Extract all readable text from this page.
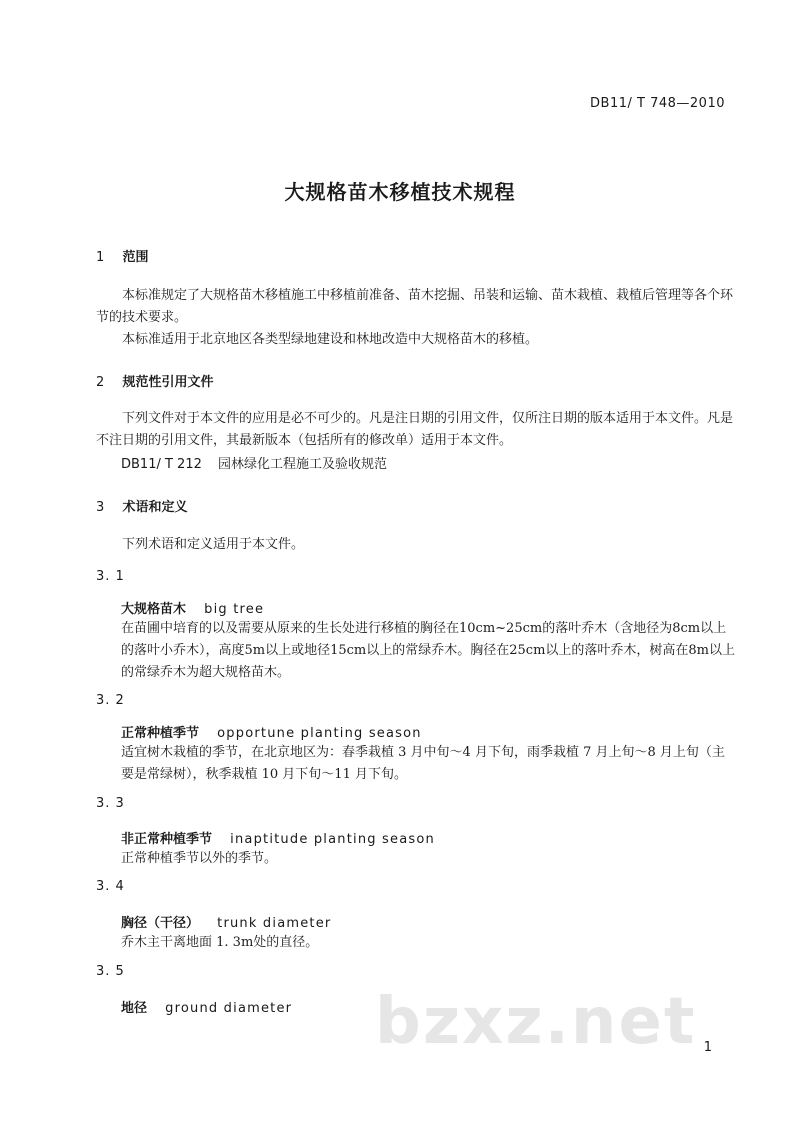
DB11/ T 748—2010
大规格苗木移植技术规程
1 范围
本标准规定了大规格苗木移植施工中移植前准备、苗木挖掘、吊装和运输、苗木栽植、栽植后管理等各个环节的技术要求。
本标准适用于北京地区各类型绿地建设和林地改造中大规格苗木的移植。
2 规范性引用文件
下列文件对于本文件的应用是必不可少的。凡是注日期的引用文件，仅所注日期的版本适用于本文件。凡是不注日期的引用文件，其最新版本（包括所有的修改单）适用于本文件。
DB11/ T 212 园林绿化工程施工及验收规范
3 术语和定义
下列术语和定义适用于本文件。
3. 1
大规格苗木 big tree
在苗圃中培育的以及需要从原来的生长处进行移植的胸径在10cm~25cm的落叶乔木（含地径为8cm以上的落叶小乔木），高度5m以上或地径15cm以上的常绿乔木。胸径在25cm以上的落叶乔木，树高在8m以上的常绿乔木为超大规格苗木。
3. 2
正常种植季节 opportune planting season
适宜树木栽植的季节，在北京地区为：春季栽植 3 月中旬～4 月下旬，雨季栽植 7 月上旬～8 月上旬（主要是常绿树），秋季栽植 10 月下旬～11 月下旬。
3. 3
非正常种植季节 inaptitude planting season
正常种植季节以外的季节。
3. 4
胸径（干径） trunk diameter
乔木主干离地面 1. 3m处的直径。
3. 5
地径 ground diameter bzxz.net 1
